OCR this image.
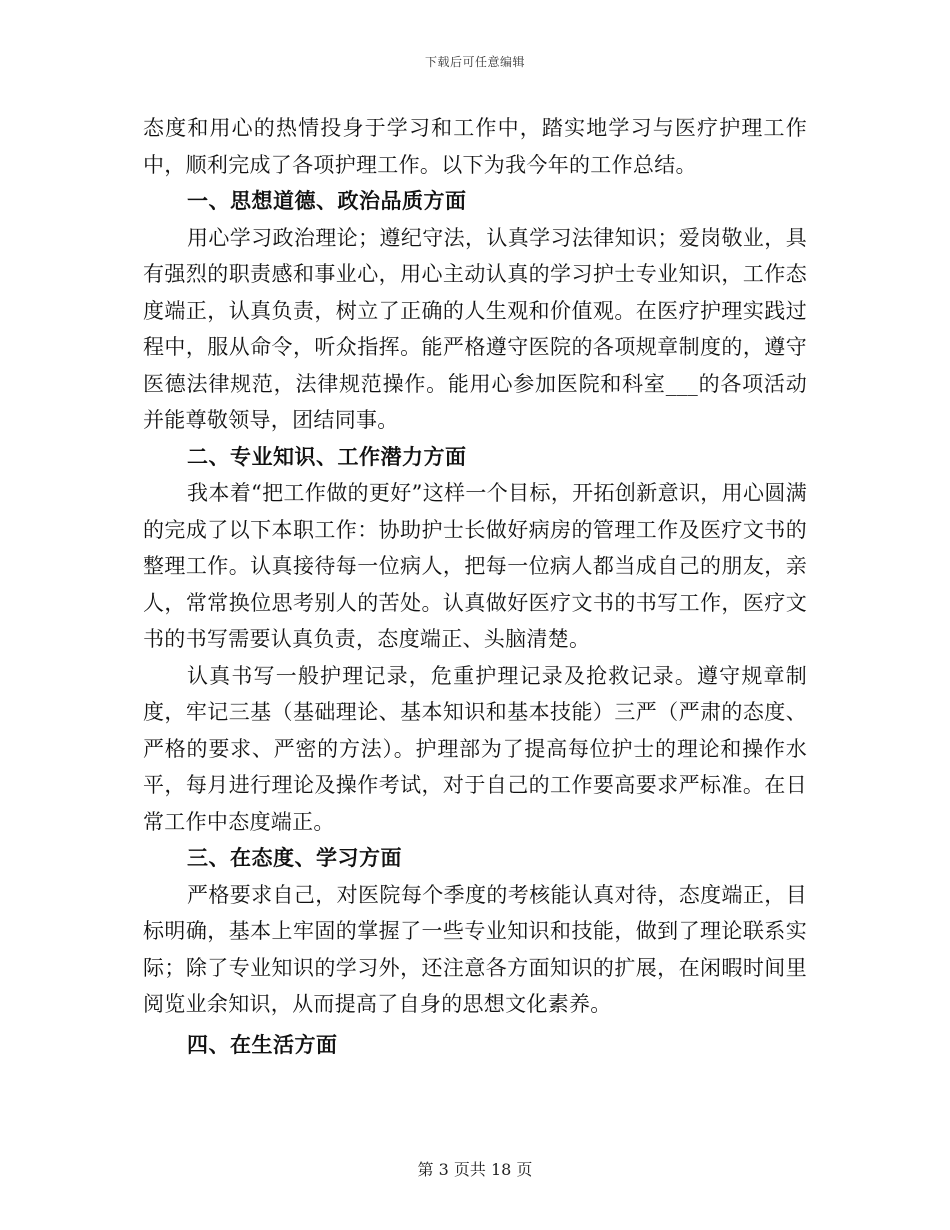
下载后可任意编辑

态度和用心的热情投身于学习和工作中，踏实地学习与医疗护理工作中，顺利完成了各项护理工作。以下为我今年的工作总结。

一、思想道德、政治品质方面

用心学习政治理论；遵纪守法，认真学习法律知识；爱岗敬业，具有强烈的职责感和事业心，用心主动认真的学习护士专业知识，工作态度端正，认真负责，树立了正确的人生观和价值观。在医疗护理实践过程中，服从命令，听众指挥。能严格遵守医院的各项规章制度的，遵守医德法律规范，法律规范操作。能用心参加医院和科室___的各项活动并能尊敬领导，团结同事。

二、专业知识、工作潜力方面

我本着“把工作做的更好”这样一个目标，开拓创新意识，用心圆满的完成了以下本职工作：协助护士长做好病房的管理工作及医疗文书的整理工作。认真接待每一位病人，把每一位病人都当成自己的朋友，亲人，常常换位思考别人的苦处。认真做好医疗文书的书写工作，医疗文书的书写需要认真负责，态度端正、头脑清楚。

认真书写一般护理记录，危重护理记录及抢救记录。遵守规章制度，牢记三基（基础理论、基本知识和基本技能）三严（严肃的态度、严格的要求、严密的方法）。护理部为了提高每位护士的理论和操作水平，每月进行理论及操作考试，对于自己的工作要高要求严标准。在日常工作中态度端正。

三、在态度、学习方面

严格要求自己，对医院每个季度的考核能认真对待，态度端正，目标明确，基本上牢固的掌握了一些专业知识和技能，做到了理论联系实际；除了专业知识的学习外，还注意各方面知识的扩展，在闲暇时间里阅览业余知识，从而提高了自身的思想文化素养。

四、在生活方面

第 3 页共 18 页
